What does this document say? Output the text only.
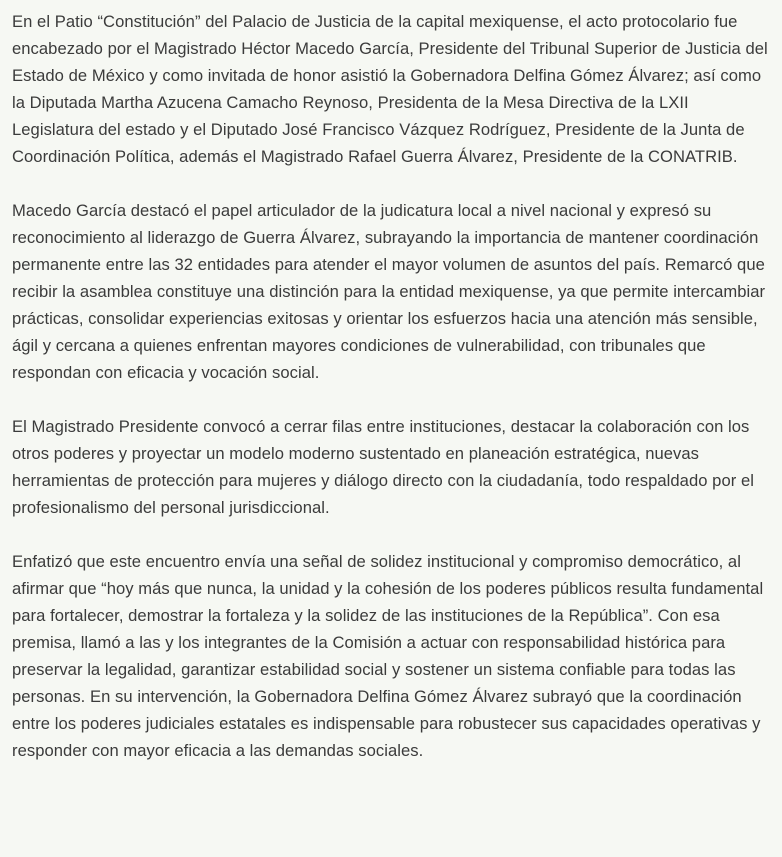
En el Patio “Constitución” del Palacio de Justicia de la capital mexiquense, el acto protocolario fue encabezado por el Magistrado Héctor Macedo García, Presidente del Tribunal Superior de Justicia del Estado de México y como invitada de honor asistió la Gobernadora Delfina Gómez Álvarez; así como la Diputada Martha Azucena Camacho Reynoso, Presidenta de la Mesa Directiva de la LXII Legislatura del estado y el Diputado José Francisco Vázquez Rodríguez, Presidente de la Junta de Coordinación Política, además el Magistrado Rafael Guerra Álvarez, Presidente de la CONATRIB.

Macedo García destacó el papel articulador de la judicatura local a nivel nacional y expresó su reconocimiento al liderazgo de Guerra Álvarez, subrayando la importancia de mantener coordinación permanente entre las 32 entidades para atender el mayor volumen de asuntos del país. Remarcó que recibir la asamblea constituye una distinción para la entidad mexiquense, ya que permite intercambiar prácticas, consolidar experiencias exitosas y orientar los esfuerzos hacia una atención más sensible, ágil y cercana a quienes enfrentan mayores condiciones de vulnerabilidad, con tribunales que respondan con eficacia y vocación social.

El Magistrado Presidente convocó a cerrar filas entre instituciones, destacar la colaboración con los otros poderes y proyectar un modelo moderno sustentado en planeación estratégica, nuevas herramientas de protección para mujeres y diálogo directo con la ciudadanía, todo respaldado por el profesionalismo del personal jurisdiccional.

Enfatizó que este encuentro envía una señal de solidez institucional y compromiso democrático, al afirmar que “hoy más que nunca, la unidad y la cohesión de los poderes públicos resulta fundamental para fortalecer, demostrar la fortaleza y la solidez de las instituciones de la República”. Con esa premisa, llamó a las y los integrantes de la Comisión a actuar con responsabilidad histórica para preservar la legalidad, garantizar estabilidad social y sostener un sistema confiable para todas las personas. En su intervención, la Gobernadora Delfina Gómez Álvarez subrayó que la coordinación entre los poderes judiciales estatales es indispensable para robustecer sus capacidades operativas y responder con mayor eficacia a las demandas sociales.
